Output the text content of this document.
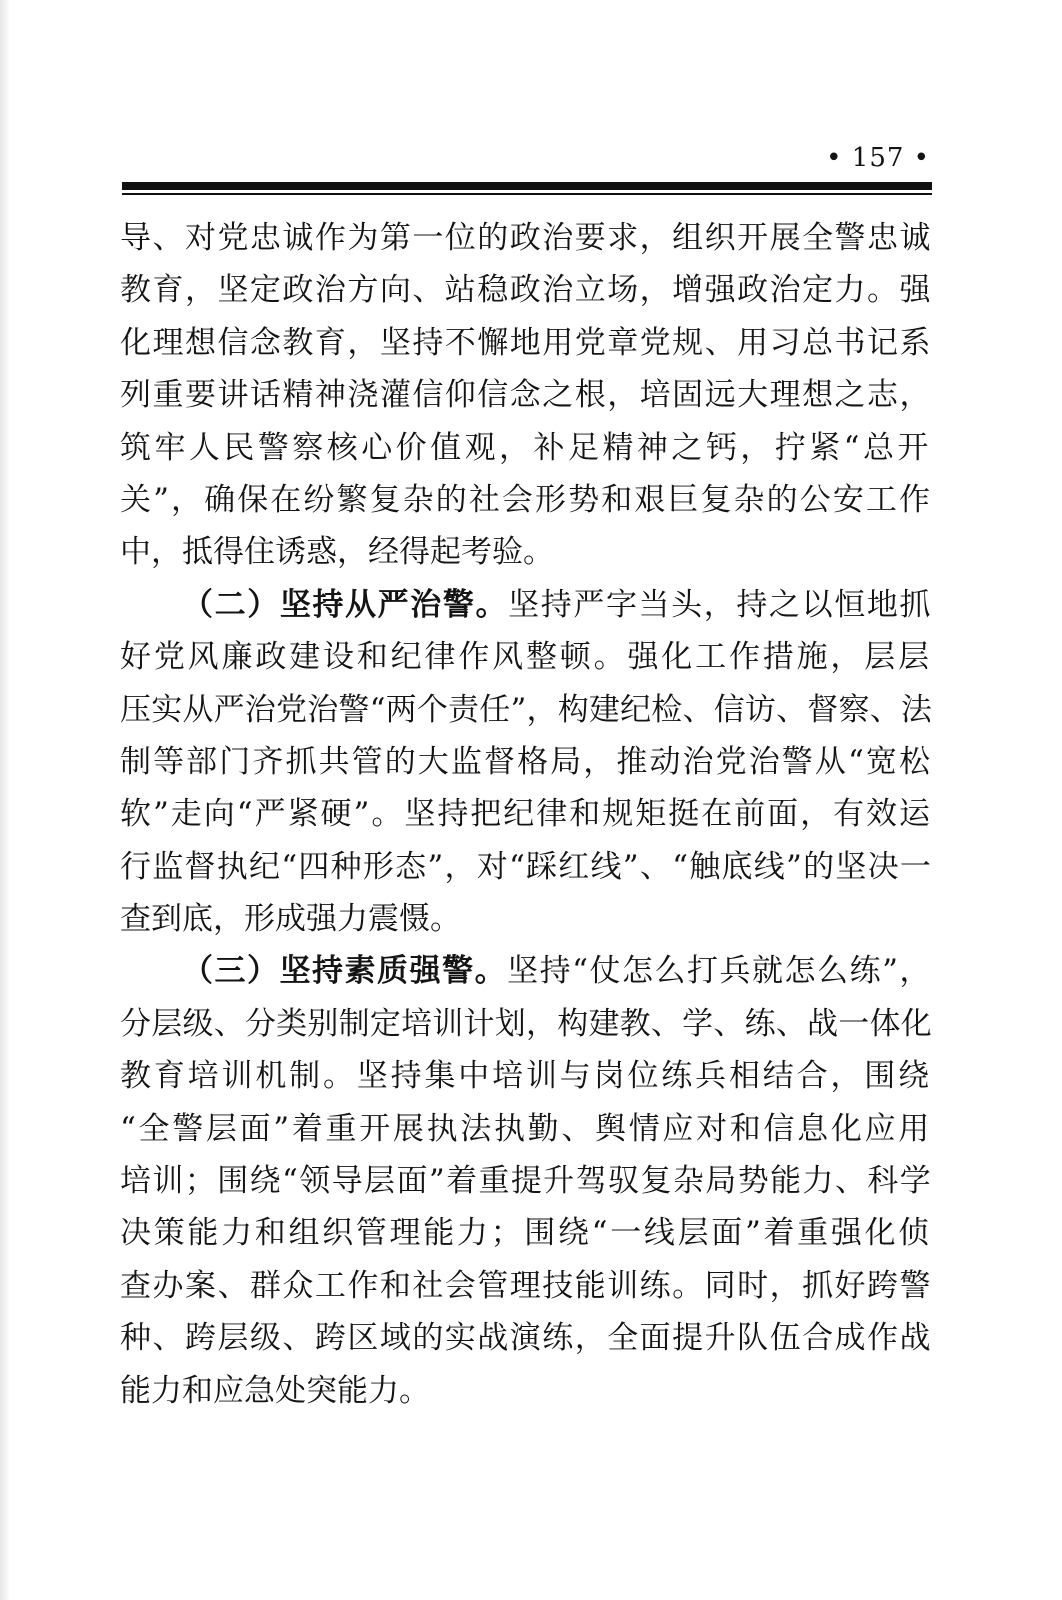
• 157 •
导、对党忠诚作为第一位的政治要求，组织开展全警忠诚
教育，坚定政治方向、站稳政治立场，增强政治定力。强
化理想信念教育，坚持不懈地用党章党规、用习总书记系
列重要讲话精神浇灌信仰信念之根，培固远大理想之志，
筑牢人民警察核心价值观，补足精神之钙，拧紧“总开
关”，确保在纷繁复杂的社会形势和艰巨复杂的公安工作
中，抵得住诱惑，经得起考验。
（二）坚持从严治警。坚持严字当头，持之以恒地抓
好党风廉政建设和纪律作风整顿。强化工作措施，层层
压实从严治党治警“两个责任”，构建纪检、信访、督察、法
制等部门齐抓共管的大监督格局，推动治党治警从“宽松
软”走向“严紧硬”。坚持把纪律和规矩挺在前面，有效运
行监督执纪“四种形态”，对“踩红线”、“触底线”的坚决一
查到底，形成强力震慑。
（三）坚持素质强警。坚持“仗怎么打兵就怎么练”，
分层级、分类别制定培训计划，构建教、学、练、战一体化
教育培训机制。坚持集中培训与岗位练兵相结合，围绕
“全警层面”着重开展执法执勤、舆情应对和信息化应用
培训；围绕“领导层面”着重提升驾驭复杂局势能力、科学
决策能力和组织管理能力；围绕“一线层面”着重强化侦
查办案、群众工作和社会管理技能训练。同时，抓好跨警
种、跨层级、跨区域的实战演练，全面提升队伍合成作战
能力和应急处突能力。
